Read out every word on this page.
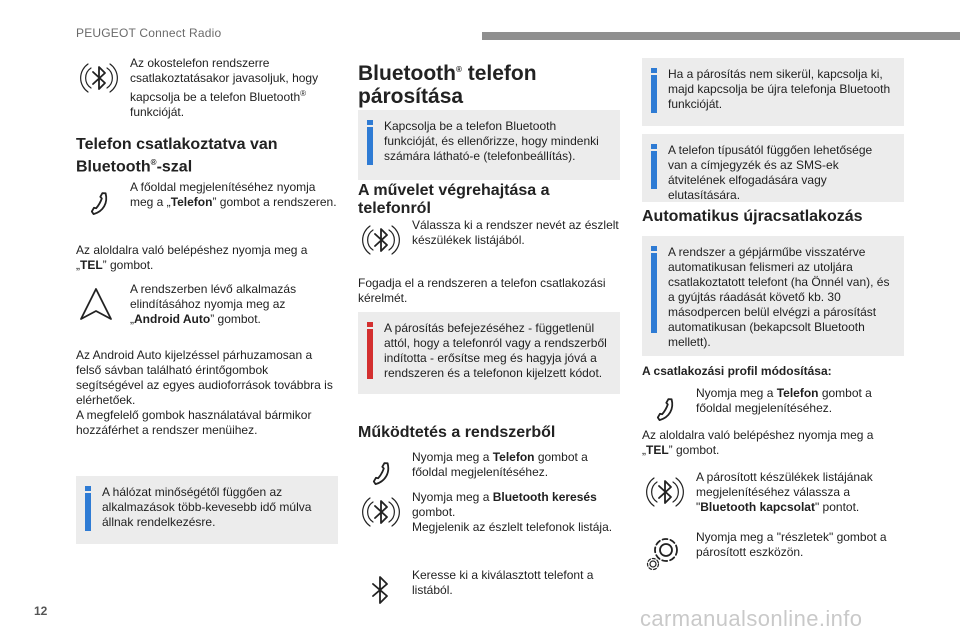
PEUGEOT Connect Radio
Az okostelefon rendszerre csatlakoztatásakor javasoljuk, hogy kapcsolja be a telefon Bluetooth® funkcióját.
Telefon csatlakoztatva van
Bluetooth®-szal
A főoldal megjelenítéséhez nyomja meg a „Telefon” gombot a rendszeren.
Az aloldalra való belépéshez nyomja meg a „TEL” gombot.
A rendszerben lévő alkalmazás elindításához nyomja meg az „Android Auto” gombot.
Az Android Auto kijelzéssel párhuzamosan a felső sávban található érintőgombok segítségével az egyes audioforrások továbbra is elérhetőek.
A megfelelő gombok használatával bármikor hozzáférhet a rendszer menüihez.
A hálózat minőségétől függően az alkalmazások több-kevesebb idő múlva állnak rendelkezésre.
Bluetooth® telefon
párosítása
Kapcsolja be a telefon Bluetooth funkcióját, és ellenőrizze, hogy mindenki számára látható-e (telefonbeállítás).
A művelet végrehajtása a
telefonról
Válassza ki a rendszer nevét az észlelt készülékek listájából.
Fogadja el a rendszeren a telefon csatlakozási kérelmét.
A párosítás befejezéséhez - függetlenül attól, hogy a telefonról vagy a rendszerből indította - erősítse meg és hagyja jóvá a rendszeren és a telefonon kijelzett kódot.
Működtetés a rendszerből
Nyomja meg a Telefon gombot a főoldal megjelenítéséhez.
Nyomja meg a Bluetooth keresés
gombot.
Megjelenik az észlelt telefonok listája.
Keresse ki a kiválasztott telefont a listából.
Ha a párosítás nem sikerül, kapcsolja ki, majd kapcsolja be újra telefonja Bluetooth funkcióját.
A telefon típusától függően lehetősége van a címjegyzék és az SMS-ek átvitelének elfogadására vagy elutasítására.
Automatikus újracsatlakozás
A rendszer a gépjárműbe visszatérve automatikusan felismeri az utoljára csatlakoztatott telefont (ha Önnél van), és a gyújtás ráadását követő kb. 30 másodpercen belül elvégzi a párosítást automatikusan (bekapcsolt Bluetooth mellett).
A csatlakozási profil módosítása:
Nyomja meg a Telefon gombot a főoldal megjelenítéséhez.
Az aloldalra való belépéshez nyomja meg a „TEL” gombot.
A párosított készülékek listájának megjelenítéséhez válassza a "Bluetooth kapcsolat" pontot.
Nyomja meg a "részletek" gombot a párosított eszközön.
12	carmanualsonline.info
